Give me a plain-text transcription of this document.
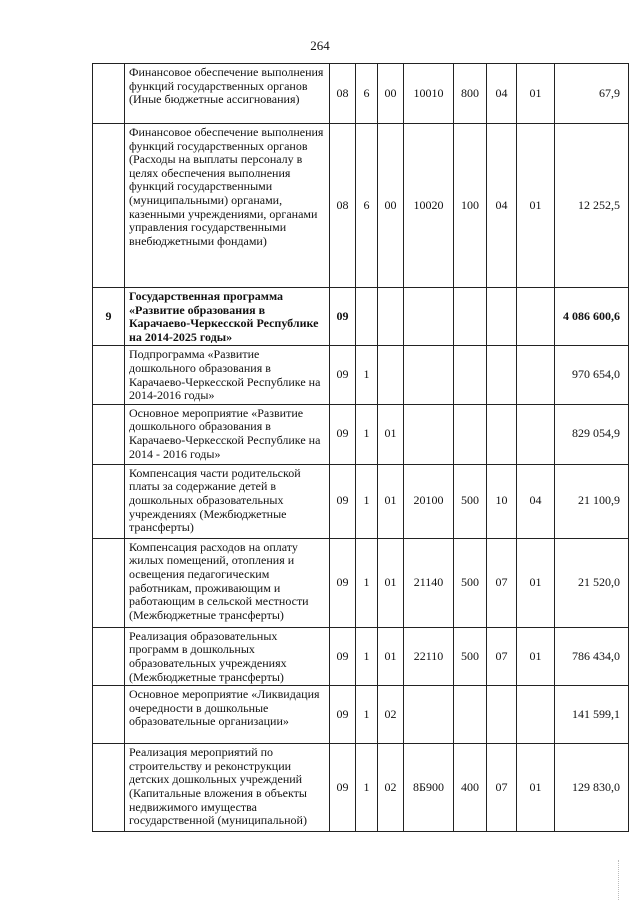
264
	Финансовое обеспечение выполнения функций государственных органов (Иные бюджетные ассигнования)	08	6	00	10010	800	04	01	67,9
	Финансовое обеспечение выполнения функций государственных органов (Расходы на выплаты персоналу в целях обеспечения выполнения функций государственными (муниципальными) органами, казенными учреждениями, органами управления государственными внебюджетными фондами)	08	6	00	10020	100	04	01	12 252,5
9	Государственная программа «Развитие образования в Карачаево-Черкесской Республике на 2014-2025 годы»	09							4 086 600,6
	Подпрограмма «Развитие дошкольного образования в Карачаево-Черкесской Республике на 2014-2016 годы»	09	1						970 654,0
	Основное мероприятие «Развитие дошкольного образования в Карачаево-Черкесской Республике на 2014 - 2016 годы»	09	1	01					829 054,9
	Компенсация части родительской платы за содержание детей в дошкольных образовательных учреждениях (Межбюджетные трансферты)	09	1	01	20100	500	10	04	21 100,9
	Компенсация расходов на оплату жилых помещений, отопления и освещения педагогическим работникам, проживающим и работающим в сельской местности (Межбюджетные трансферты)	09	1	01	21140	500	07	01	21 520,0
	Реализация образовательных программ в дошкольных образовательных учреждениях (Межбюджетные трансферты)	09	1	01	22110	500	07	01	786 434,0
	Основное мероприятие «Ликвидация очередности в дошкольные образовательные организации»	09	1	02					141 599,1
	Реализация мероприятий по строительству и реконструкции детских дошкольных учреждений (Капитальные вложения в объекты недвижимого имущества государственной (муниципальной)	09	1	02	8Б900	400	07	01	129 830,0
